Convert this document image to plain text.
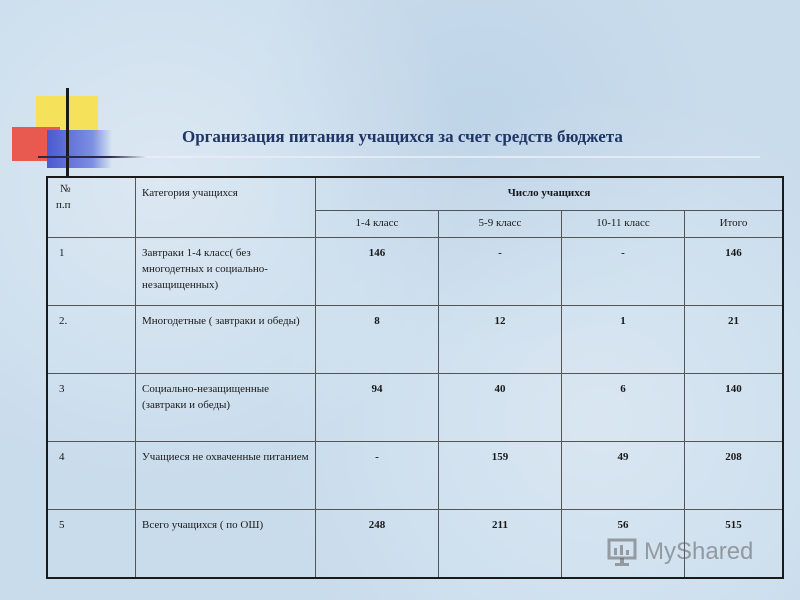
Организация питания учащихся за счет средств бюджета
№
п.п	Категория учащихся	Число учащихся			
		1-4 класс	5-9 класс	10-11 класс	Итого
1	Завтраки 1-4 класс( без многодетных и социально-незащищенных)	146	-	-	146
2.	Многодетные ( завтраки и обеды)	8	12	1	21
3	Социально-незащищенные (завтраки и обеды)	94	40	6	140
4	Учащиеся не охваченные питанием	-	159	49	208
5	Всего учащихся ( по ОШ)	248	211	56	515
MyShared
